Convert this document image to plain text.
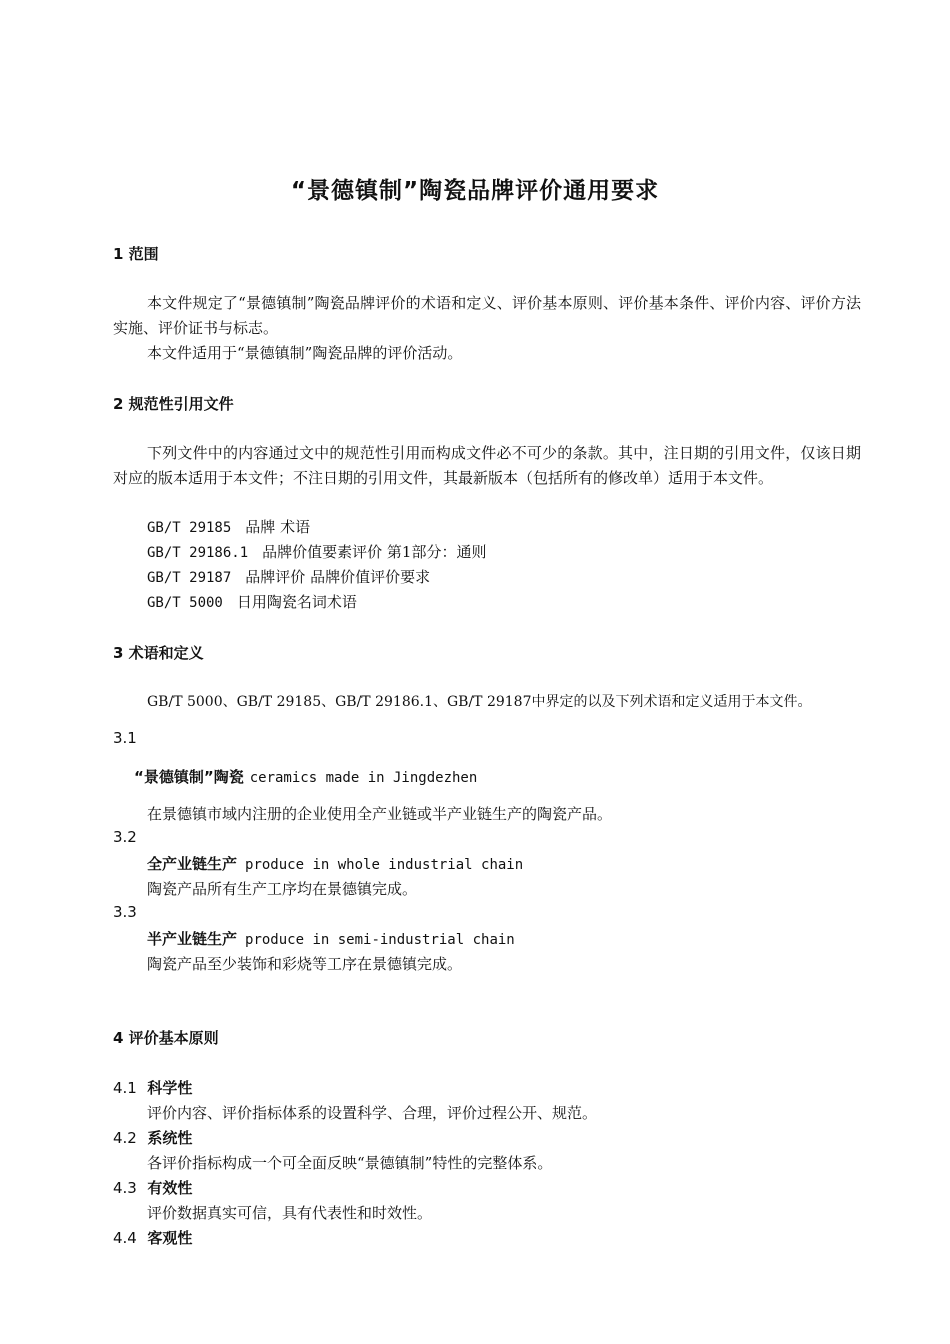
“景德镇制”陶瓷品牌评价通用要求
1 范围
本文件规定了“景德镇制”陶瓷品牌评价的术语和定义、评价基本原则、评价基本条件、评价内容、评价方法实施、评价证书与标志。
本文件适用于“景德镇制”陶瓷品牌的评价活动。
2 规范性引用文件
下列文件中的内容通过文中的规范性引用而构成文件必不可少的条款。其中，注日期的引用文件，仅该日期对应的版本适用于本文件；不注日期的引用文件，其最新版本（包括所有的修改单）适用于本文件。
GB/T 29185 品牌 术语
GB/T 29186.1 品牌价值要素评价 第1部分：通则
GB/T 29187 品牌评价 品牌价值评价要求
GB/T 5000 日用陶瓷名词术语
3 术语和定义
GB/T 5000、GB/T 29185、GB/T 29186.1、GB/T 29187中界定的以及下列术语和定义适用于本文件。
3.1
“景德镇制”陶瓷 ceramics made in Jingdezhen
在景德镇市域内注册的企业使用全产业链或半产业链生产的陶瓷产品。
3.2
全产业链生产 produce in whole industrial chain
陶瓷产品所有生产工序均在景德镇完成。
3.3
半产业链生产 produce in semi-industrial chain
陶瓷产品至少装饰和彩烧等工序在景德镇完成。
4 评价基本原则
4.1 科学性
评价内容、评价指标体系的设置科学、合理，评价过程公开、规范。
4.2 系统性
各评价指标构成一个可全面反映“景德镇制”特性的完整体系。
4.3 有效性
评价数据真实可信，具有代表性和时效性。
4.4 客观性
